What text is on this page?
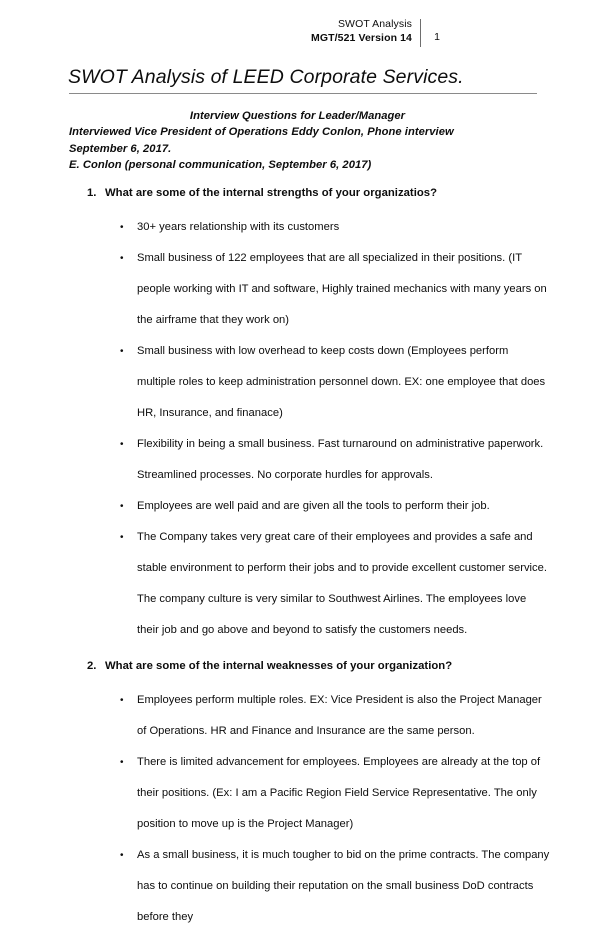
SWOT Analysis
MGT/521 Version 14 1
SWOT Analysis of LEED Corporate Services.
Interview Questions for Leader/Manager
Interviewed Vice President of Operations Eddy Conlon, Phone interview
September 6, 2017.
E. Conlon (personal communication, September 6, 2017)
1. What are some of the internal strengths of your organizatios?
• 30+ years relationship with its customers
• Small business of 122 employees that are all specialized in their positions. (IT people working with IT and software, Highly trained mechanics with many years on the airframe that they work on)
• Small business with low overhead to keep costs down (Employees perform multiple roles to keep administration personnel down. EX: one employee that does HR, Insurance, and finanace)
• Flexibility in being a small business. Fast turnaround on administrative paperwork. Streamlined processes. No corporate hurdles for approvals.
• Employees are well paid and are given all the tools to perform their job.
• The Company takes very great care of their employees and provides a safe and stable environment to perform their jobs and to provide excellent customer service. The company culture is very similar to Southwest Airlines. The employees love their job and go above and beyond to satisfy the customers needs.
2. What are some of the internal weaknesses of your organization?
• Employees perform multiple roles. EX: Vice President is also the Project Manager of Operations. HR and Finance and Insurance are the same person.
• There is limited advancement for employees. Employees are already at the top of their positions. (Ex: I am a Pacific Region Field Service Representative. The only position to move up is the Project Manager)
• As a small business, it is much tougher to bid on the prime contracts. The company has to continue on building their reputation on the small business DoD contracts before they
